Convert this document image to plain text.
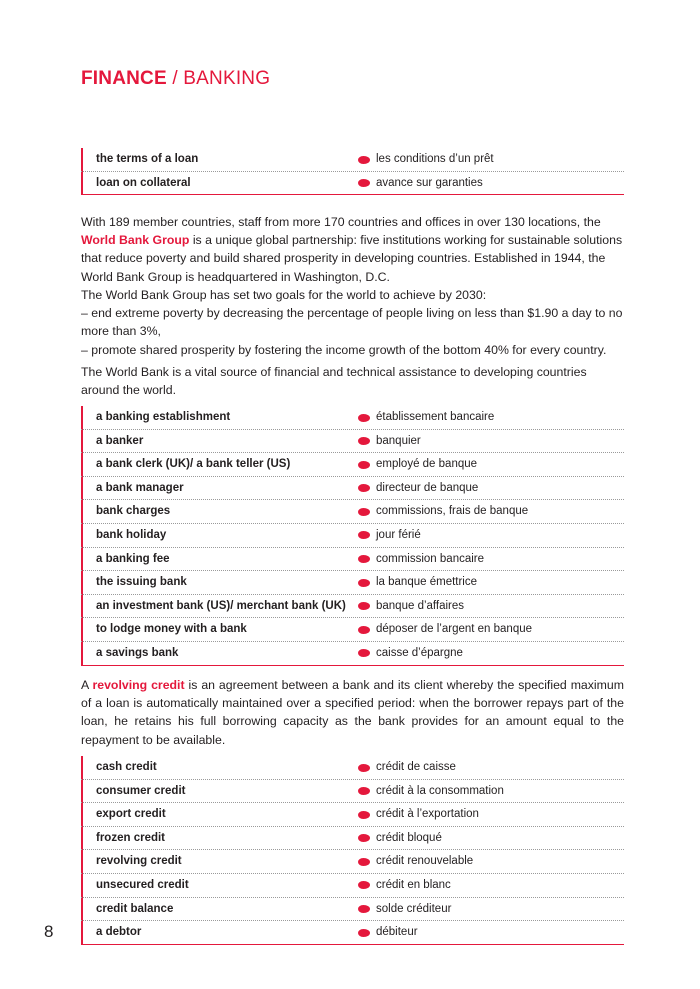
FINANCE / BANKING
the terms of a loan	les conditions d’un prêt
loan on collateral	avance sur garanties

With 189 member countries, staff from more 170 countries and offices in over 130 locations, the World Bank Group is a unique global partnership: five institutions working for sustainable solutions that reduce poverty and build shared prosperity in developing countries. Established in 1944, the World Bank Group is headquartered in Washington, D.C.

The World Bank Group has set two goals for the world to achieve by 2030:

– end extreme poverty by decreasing the percentage of people living on less than $1.90 a day to no more than 3%,

– promote shared prosperity by fostering the income growth of the bottom 40% for every country.

The World Bank is a vital source of financial and technical assistance to developing countries around the world.

a banking establishment	établissement bancaire
a banker	banquier
a bank clerk (UK)/ a bank teller (US)	employé de banque
a bank manager	directeur de banque
bank charges	commissions, frais de banque
bank holiday	jour férié
a banking fee	commission bancaire
the issuing bank	la banque émettrice
an investment bank (US)/ merchant bank (UK)	banque d’affaires
to lodge money with a bank	déposer de l’argent en banque
a savings bank	caisse d’épargne

A revolving credit is an agreement between a bank and its client whereby the specified maximum of a loan is automatically maintained over a specified period: when the borrower repays part of the loan, he retains his full borrowing capacity as the bank provides for an amount equal to the repayment to be available.

cash credit	crédit de caisse
consumer credit	crédit à la consommation
export credit	crédit à l’exportation
frozen credit	crédit bloqué
revolving credit	crédit renouvelable
unsecured credit	crédit en blanc
credit balance	solde créditeur
a debtor	débiteur
8
